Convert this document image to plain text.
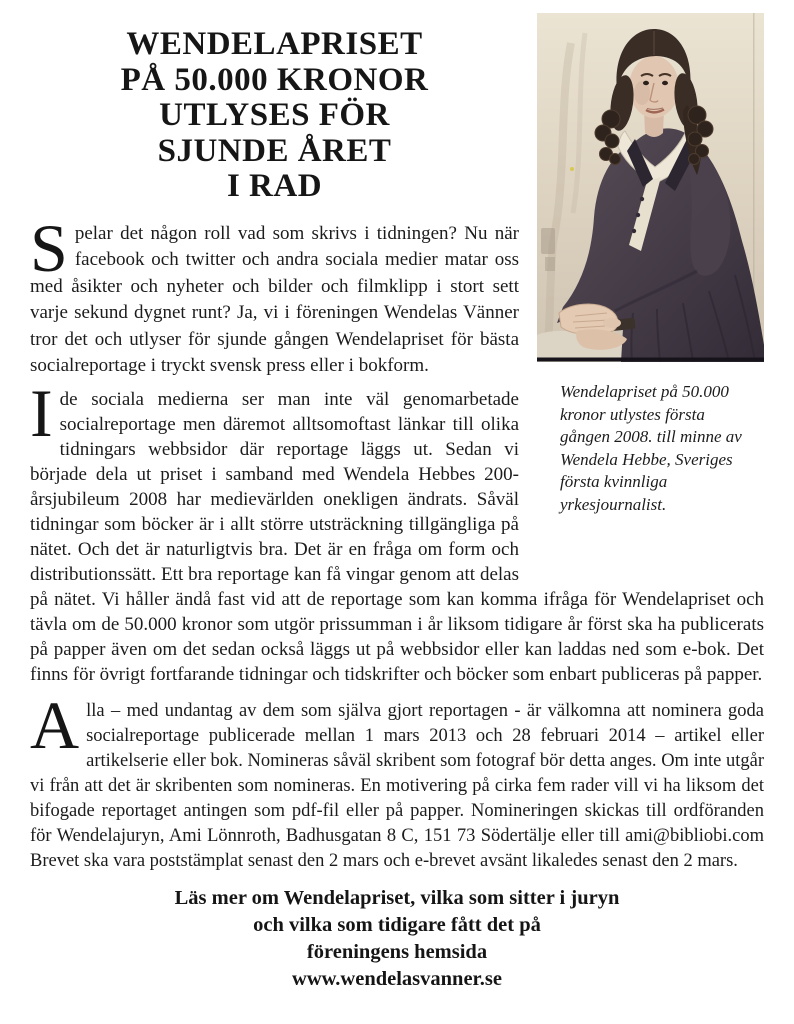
Wendelapriset på 50.000 kronor utlystes första gången 2008. till minne av Wendela Hebbe, Sveriges första kvinnliga yrkesjournalist.
WENDELAPRISET
PÅ 50.000 KRONOR
UTLYSES FÖR
SJUNDE ÅRET
I RAD

Spelar det någon roll vad som skrivs i tidningen? Nu när facebook och twitter och andra sociala medier matar oss med åsikter och nyheter och bilder och filmklipp i stort sett varje sekund dygnet runt? Ja, vi i föreningen Wendelas Vänner tror det och utlyser för sjunde gången Wendelapriset för bästa socialreportage i tryckt svensk press eller i bokform.

Ide sociala medierna ser man inte väl genomarbetade socialreportage men däremot alltsomoftast länkar till olika tidningars webbsidor där reportage läggs ut. Sedan vi började dela ut priset i samband med Wendela Hebbes 200-årsjubileum 2008 har medievärlden onekligen ändrats. Såväl tidningar som böcker är i allt större utsträckning tillgängliga på nätet. Och det är naturligtvis bra. Det är en fråga om form och distributionssätt. Ett bra reportage kan få vingar genom att delas på nätet. Vi håller ändå fast vid att de reportage som kan komma ifråga för Wendelapriset och tävla om de 50.000 kronor som utgör prissumman i år liksom tidigare år först ska ha publicerats på papper även om det sedan också läggs ut på webbsidor eller kan laddas ned som e-bok. Det finns för övrigt fortfarande tidningar och tidskrifter och böcker som enbart publiceras på papper.

Alla – med undantag av dem som själva gjort reportagen - är välkomna att nominera goda socialreportage publicerade mellan 1 mars 2013 och 28 februari 2014 – artikel eller artikelserie eller bok. Nomineras såväl skribent som fotograf bör detta anges. Om inte utgår vi från att det är skribenten som nomineras. En motivering på cirka fem rader vill vi ha liksom det bifogade reportaget antingen som pdf-fil eller på papper. Nomineringen skickas till ordföranden för Wendelajuryn, Ami Lönnroth, Badhusgatan 8 C, 151 73 Södertälje eller till ami@bibliobi.com Brevet ska vara poststämplat senast den 2 mars och e-brevet avsänt likaledes senast den 2 mars.

Läs mer om Wendelapriset, vilka som sitter i juryn
och vilka som tidigare fått det på
föreningens hemsida
www.wendelasvanner.se
